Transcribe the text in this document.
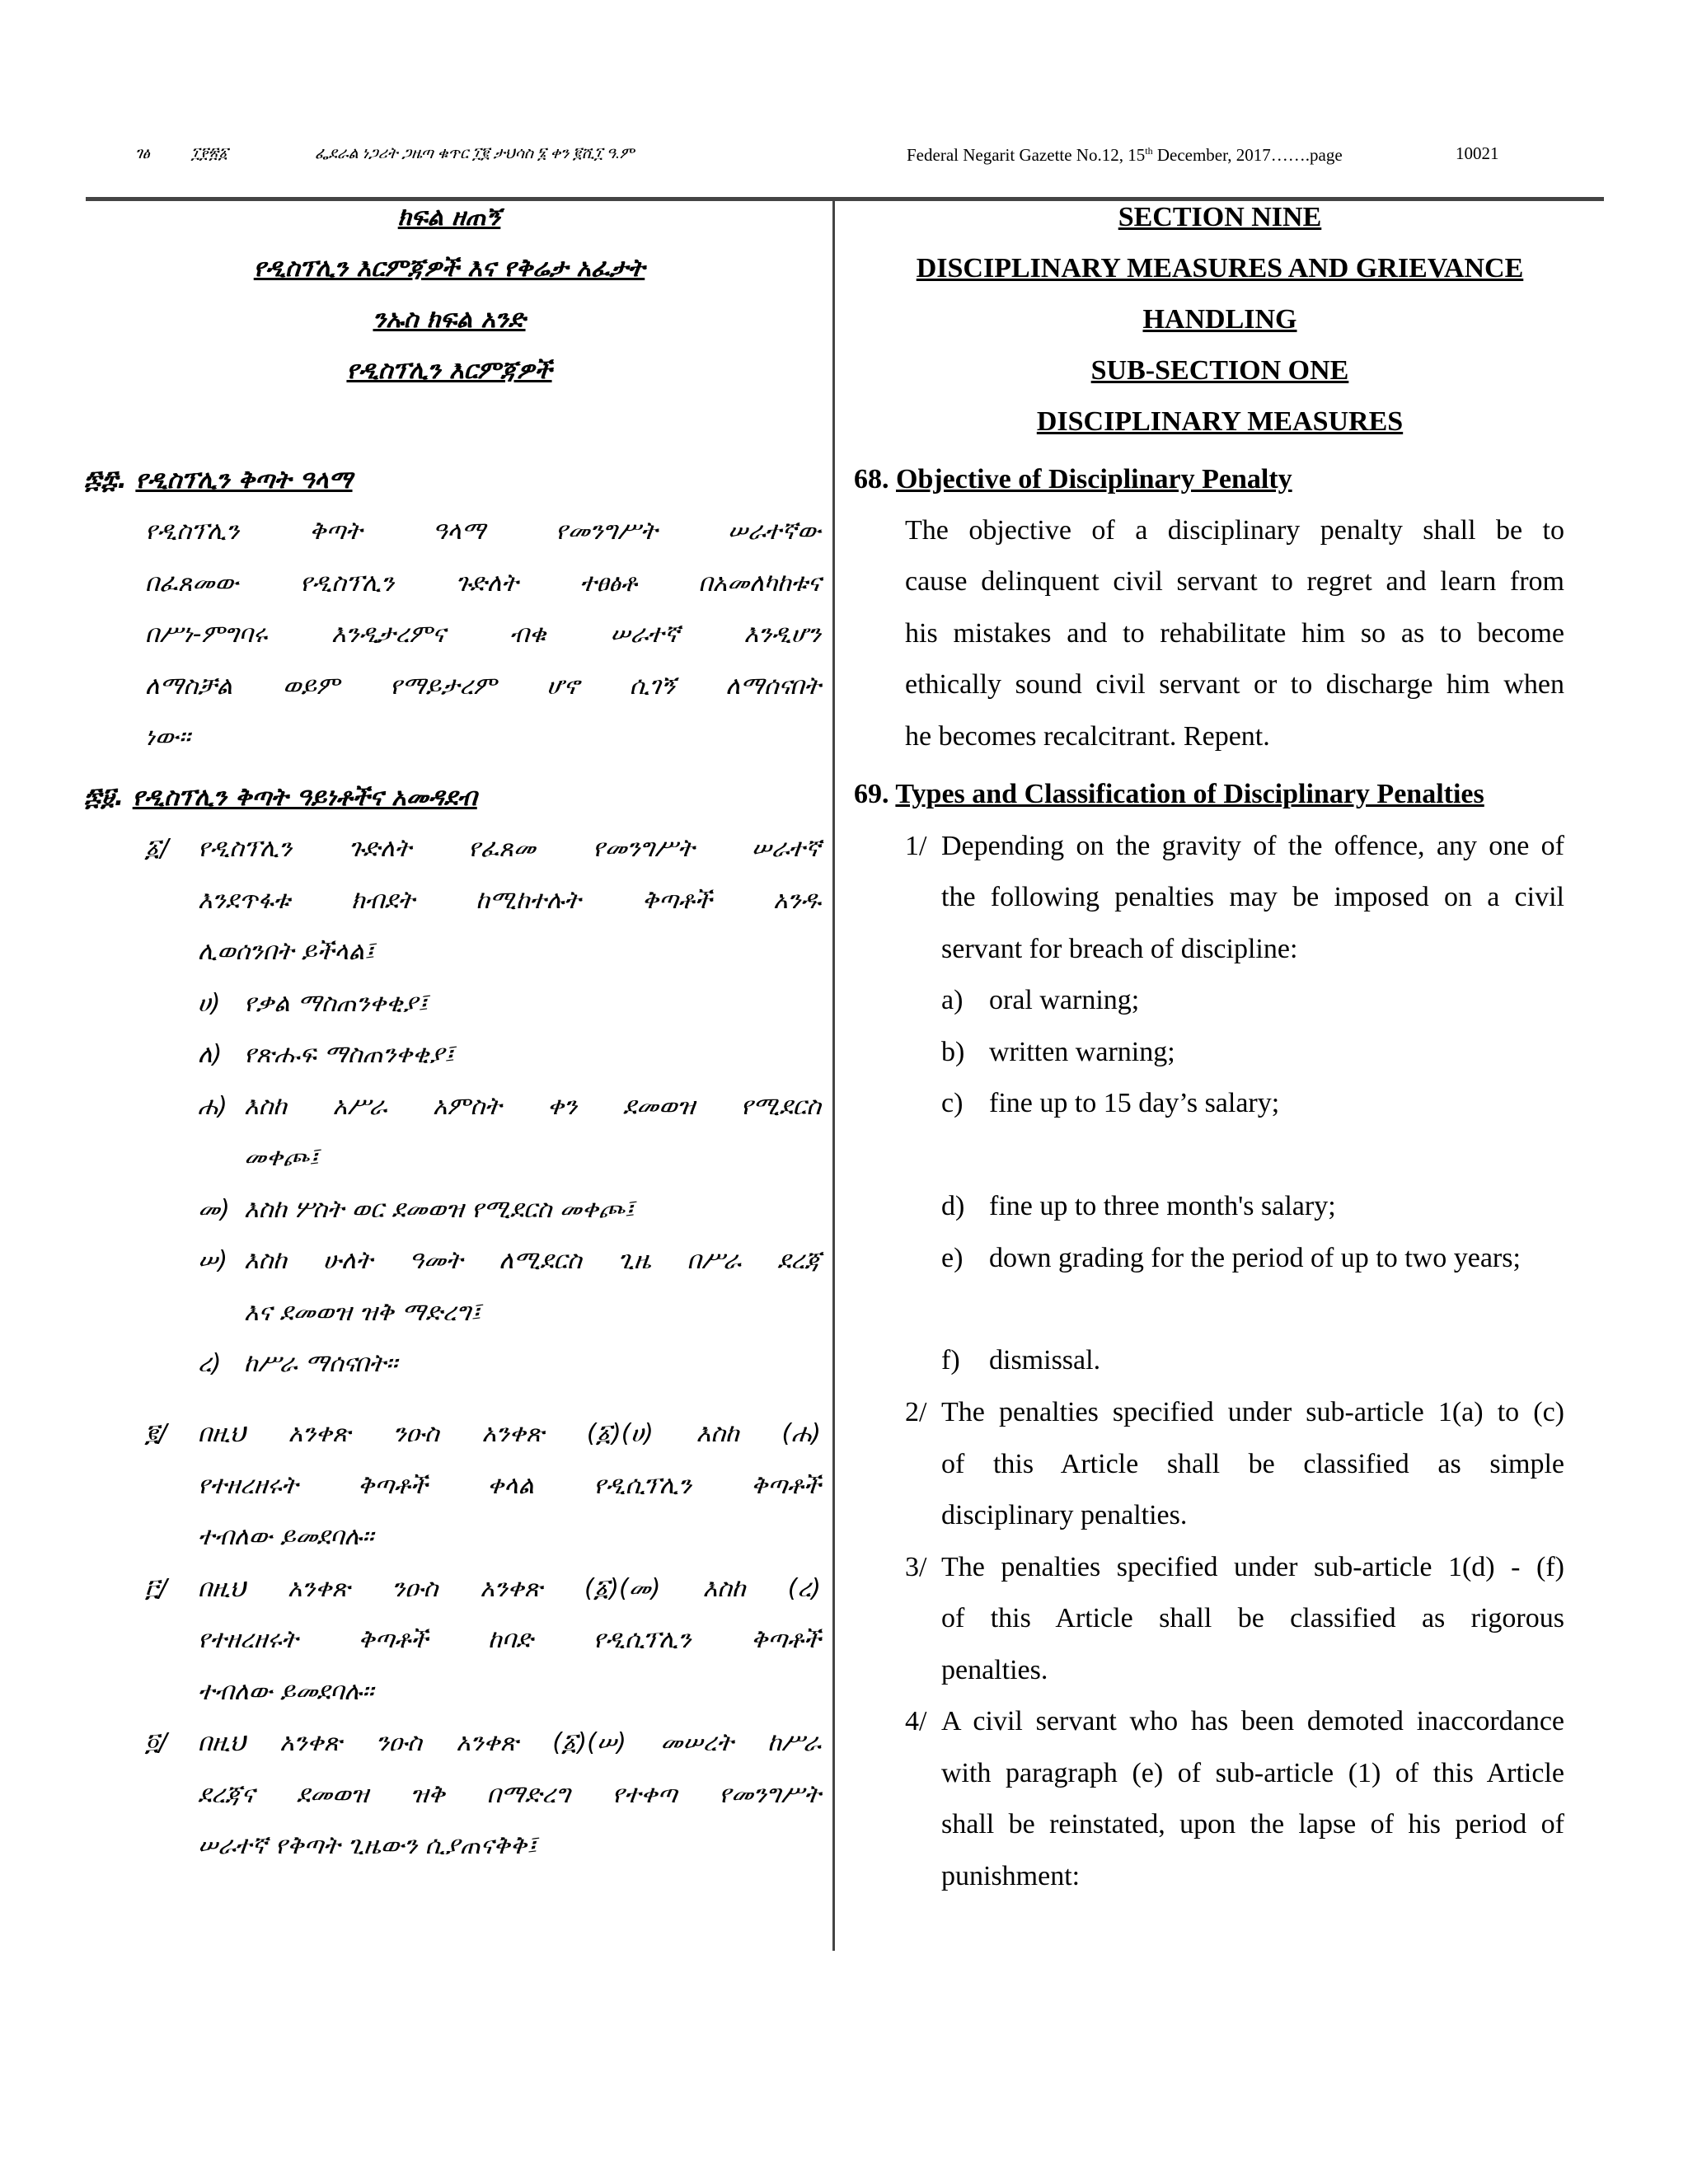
ገፅ	፲፻፳፩	ፌደራል ነጋሪት ጋዜጣ ቁጥር ፲፪ ታህሳስ ፮ ቀን ፪ሺ፲ ዓ.ም	Federal Negarit Gazette No.12, 15th December, 2017…….page	10021
ክፍል ዘጠኝ
የዲስፕሊን እርምጃዎች እና የቅሬታ አፈታት
ንኡስ ክፍል አንድ
የዲስፕሊን እርምጃዎች
፷፰. የዲስፕሊን ቅጣት ዓላማ
የዲስፕሊን ቅጣት ዓላማ የመንግሥት ሠራተኛው
በፈጸመው የዲስፕሊን ጉድለት ተፀፅቶ በአመለካከቱና
በሥነ-ምግባሩ እንዲታረምና ብቁ ሠራተኛ እንዲሆን
ለማስቻል ወይም የማይታረም ሆኖ ሲገኝ ለማሰናበት
ነው፡፡
፷፱. የዲስፕሊን ቅጣት ዓይነቶችና አመዳደብ
፩/ የዲስፕሊን ጉድለት የፈጸመ የመንግሥት ሠራተኛ
እንደጥፋቱ ክብደት ከሚከተሉት ቅጣቶች አንዱ
ሊወሰንበት ይችላል፤
ሀ) የቃል ማስጠንቀቂያ፤
ለ) የጽሑፍ ማስጠንቀቂያ፤
ሐ) እስከ አሥራ አምስት ቀን ደመወዝ የሚደርስ
መቀጮ፤
መ) እስከ ሦስት ወር ደመወዝ የሚደርስ መቀጮ፤
ሠ) እስከ ሁለት ዓመት ለሚደርስ ጊዜ በሥራ ደረጃ
እና ደመወዝ ዝቅ ማድረግ፤
ረ) ከሥራ ማሰናበት፡፡
፪/ በዚህ አንቀጽ ንዑስ አንቀጽ (፩)(ሀ) እስከ (ሐ)
የተዘረዘሩት ቅጣቶች ቀላል የዲሲፕሊን ቅጣቶች
ተብለው ይመደባሉ፡፡
፫/ በዚህ አንቀጽ ንዑስ አንቀጽ (፩)(መ) እስከ (ረ)
የተዘረዘሩት ቅጣቶች ከባድ የዲሲፕሊን ቅጣቶች
ተብለው ይመደባሉ፡፡
፬/ በዚህ አንቀጽ ንዑስ አንቀጽ (፩)(ሠ) መሠረት ከሥራ
ደረጃና ደመወዝ ዝቅ በማድረግ የተቀጣ የመንግሥት
ሠራተኛ የቅጣት ጊዜውን ሲያጠናቅቅ፤
SECTION NINE
DISCIPLINARY MEASURES AND GRIEVANCE
HANDLING
SUB-SECTION ONE
DISCIPLINARY MEASURES
68. Objective of Disciplinary Penalty
The objective of a disciplinary penalty shall be to
cause delinquent civil servant to regret and learn from
his mistakes and to rehabilitate him so as to become
ethically sound civil servant or to discharge him when
he becomes recalcitrant. Repent.
69. Types and Classification of Disciplinary Penalties
1/ Depending on the gravity of the offence, any one of
the following penalties may be imposed on a civil
servant for breach of discipline:
a) oral warning;
b) written warning;
c) fine up to 15 day’s salary;
d) fine up to three month's salary;
e) down grading for the period of up to two years;
f) dismissal.
2/ The penalties specified under sub-article 1(a) to (c)
of this Article shall be classified as simple
disciplinary penalties.
3/ The penalties specified under sub-article 1(d) - (f)
of this Article shall be classified as rigorous
penalties.
4/ A civil servant who has been demoted inaccordance
with paragraph (e) of sub-article (1) of this Article
shall be reinstated, upon the lapse of his period of
punishment:
